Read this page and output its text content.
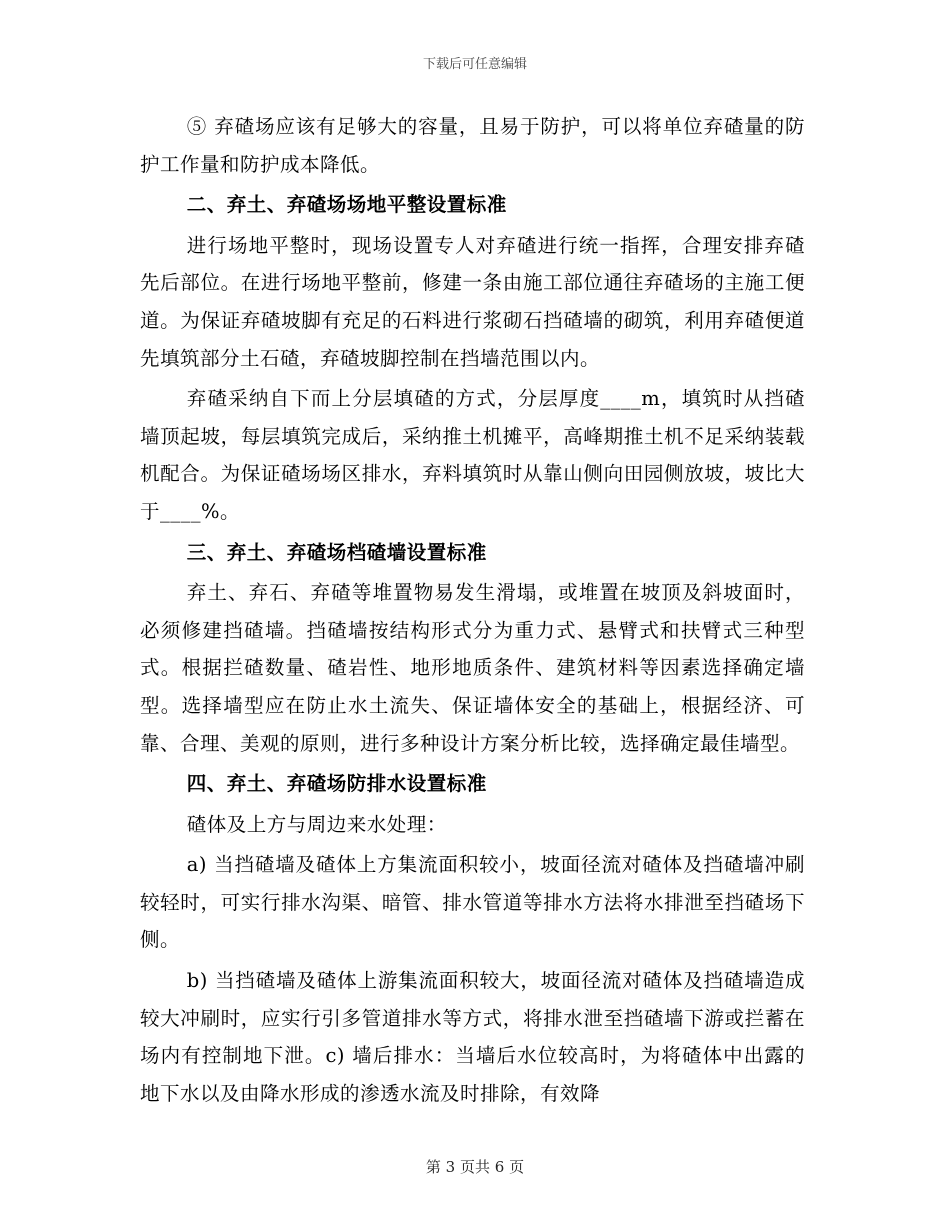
下载后可任意编辑

⑤ 弃碴场应该有足够大的容量，且易于防护，可以将单位弃碴量的防护工作量和防护成本降低。

二、弃土、弃碴场场地平整设置标准

进行场地平整时，现场设置专人对弃碴进行统一指挥，合理安排弃碴先后部位。在进行场地平整前，修建一条由施工部位通往弃碴场的主施工便道。为保证弃碴坡脚有充足的石料进行浆砌石挡碴墙的砌筑，利用弃碴便道先填筑部分土石碴，弃碴坡脚控制在挡墙范围以内。

弃碴采纳自下而上分层填碴的方式，分层厚度____m，填筑时从挡碴墙顶起坡，每层填筑完成后，采纳推土机摊平，高峰期推土机不足采纳装载机配合。为保证碴场场区排水，弃料填筑时从靠山侧向田园侧放坡，坡比大于____%。

三、弃土、弃碴场档碴墙设置标准

弃土、弃石、弃碴等堆置物易发生滑塌，或堆置在坡顶及斜坡面时，必须修建挡碴墙。挡碴墙按结构形式分为重力式、悬臂式和扶臂式三种型式。根据拦碴数量、碴岩性、地形地质条件、建筑材料等因素选择确定墙型。选择墙型应在防止水土流失、保证墙体安全的基础上，根据经济、可靠、合理、美观的原则，进行多种设计方案分析比较，选择确定最佳墙型。

四、弃土、弃碴场防排水设置标准

碴体及上方与周边来水处理：

a) 当挡碴墙及碴体上方集流面积较小，坡面径流对碴体及挡碴墙冲刷较轻时，可实行排水沟渠、暗管、排水管道等排水方法将水排泄至挡碴场下侧。

b) 当挡碴墙及碴体上游集流面积较大，坡面径流对碴体及挡碴墙造成较大冲刷时，应实行引多管道排水等方式，将排水泄至挡碴墙下游或拦蓄在场内有控制地下泄。c) 墙后排水：当墙后水位较高时，为将碴体中出露的地下水以及由降水形成的渗透水流及时排除，有效降

第 3 页共 6 页
